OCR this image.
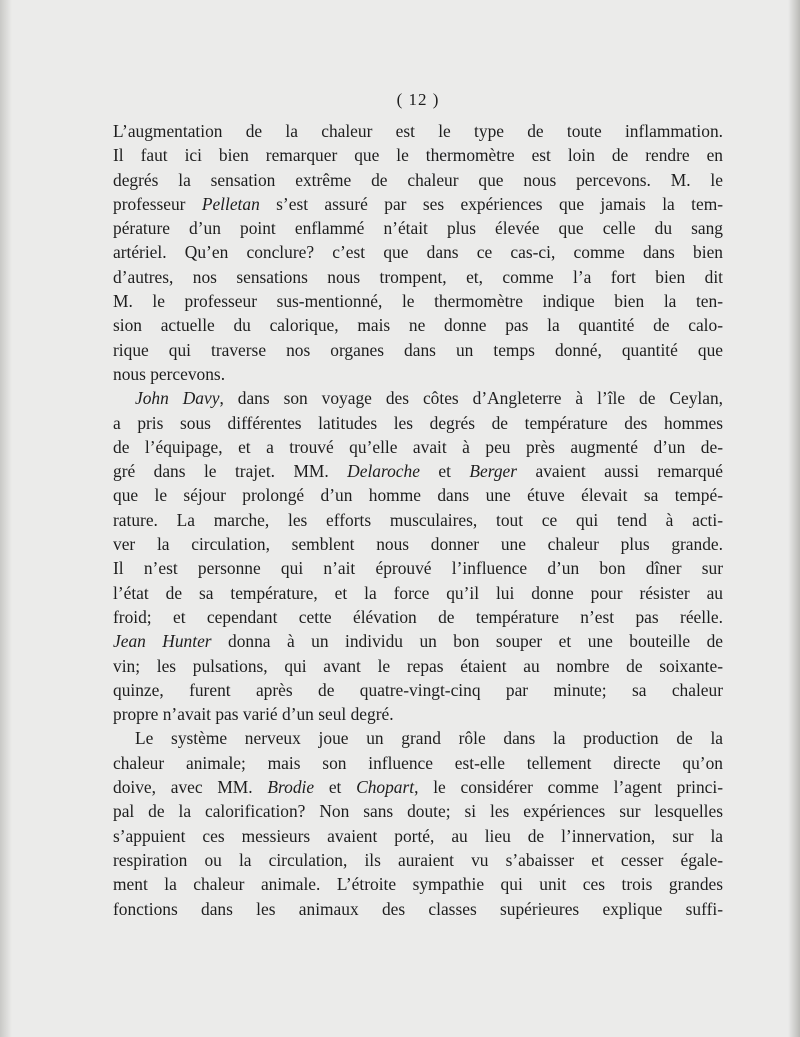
( 12 )
L’augmentation de la chaleur est le type de toute inflammation.
Il faut ici bien remarquer que le thermomètre est loin de rendre en
degrés la sensation extrême de chaleur que nous percevons. M. le
professeur Pelletan s’est assuré par ses expériences que jamais la tem-
pérature d’un point enflammé n’était plus élevée que celle du sang
artériel. Qu’en conclure? c’est que dans ce cas-ci, comme dans bien
d’autres, nos sensations nous trompent, et, comme l’a fort bien dit
M. le professeur sus-mentionné, le thermomètre indique bien la ten-
sion actuelle du calorique, mais ne donne pas la quantité de calo-
rique qui traverse nos organes dans un temps donné, quantité que
nous percevons.
John Davy, dans son voyage des côtes d’Angleterre à l’île de Ceylan,
a pris sous différentes latitudes les degrés de température des hommes
de l’équipage, et a trouvé qu’elle avait à peu près augmenté d’un de-
gré dans le trajet. MM. Delaroche et Berger avaient aussi remarqué
que le séjour prolongé d’un homme dans une étuve élevait sa tempé-
rature. La marche, les efforts musculaires, tout ce qui tend à acti-
ver la circulation, semblent nous donner une chaleur plus grande.
Il n’est personne qui n’ait éprouvé l’influence d’un bon dîner sur
l’état de sa température, et la force qu’il lui donne pour résister au
froid; et cependant cette élévation de température n’est pas réelle.
Jean Hunter donna à un individu un bon souper et une bouteille de
vin; les pulsations, qui avant le repas étaient au nombre de soixante-
quinze, furent après de quatre-vingt-cinq par minute; sa chaleur
propre n’avait pas varié d’un seul degré.
Le système nerveux joue un grand rôle dans la production de la
chaleur animale; mais son influence est-elle tellement directe qu’on
doive, avec MM. Brodie et Chopart, le considérer comme l’agent princi-
pal de la calorification? Non sans doute; si les expériences sur lesquelles
s’appuient ces messieurs avaient porté, au lieu de l’innervation, sur la
respiration ou la circulation, ils auraient vu s’abaisser et cesser égale-
ment la chaleur animale. L’étroite sympathie qui unit ces trois grandes
fonctions dans les animaux des classes supérieures explique suffi-
